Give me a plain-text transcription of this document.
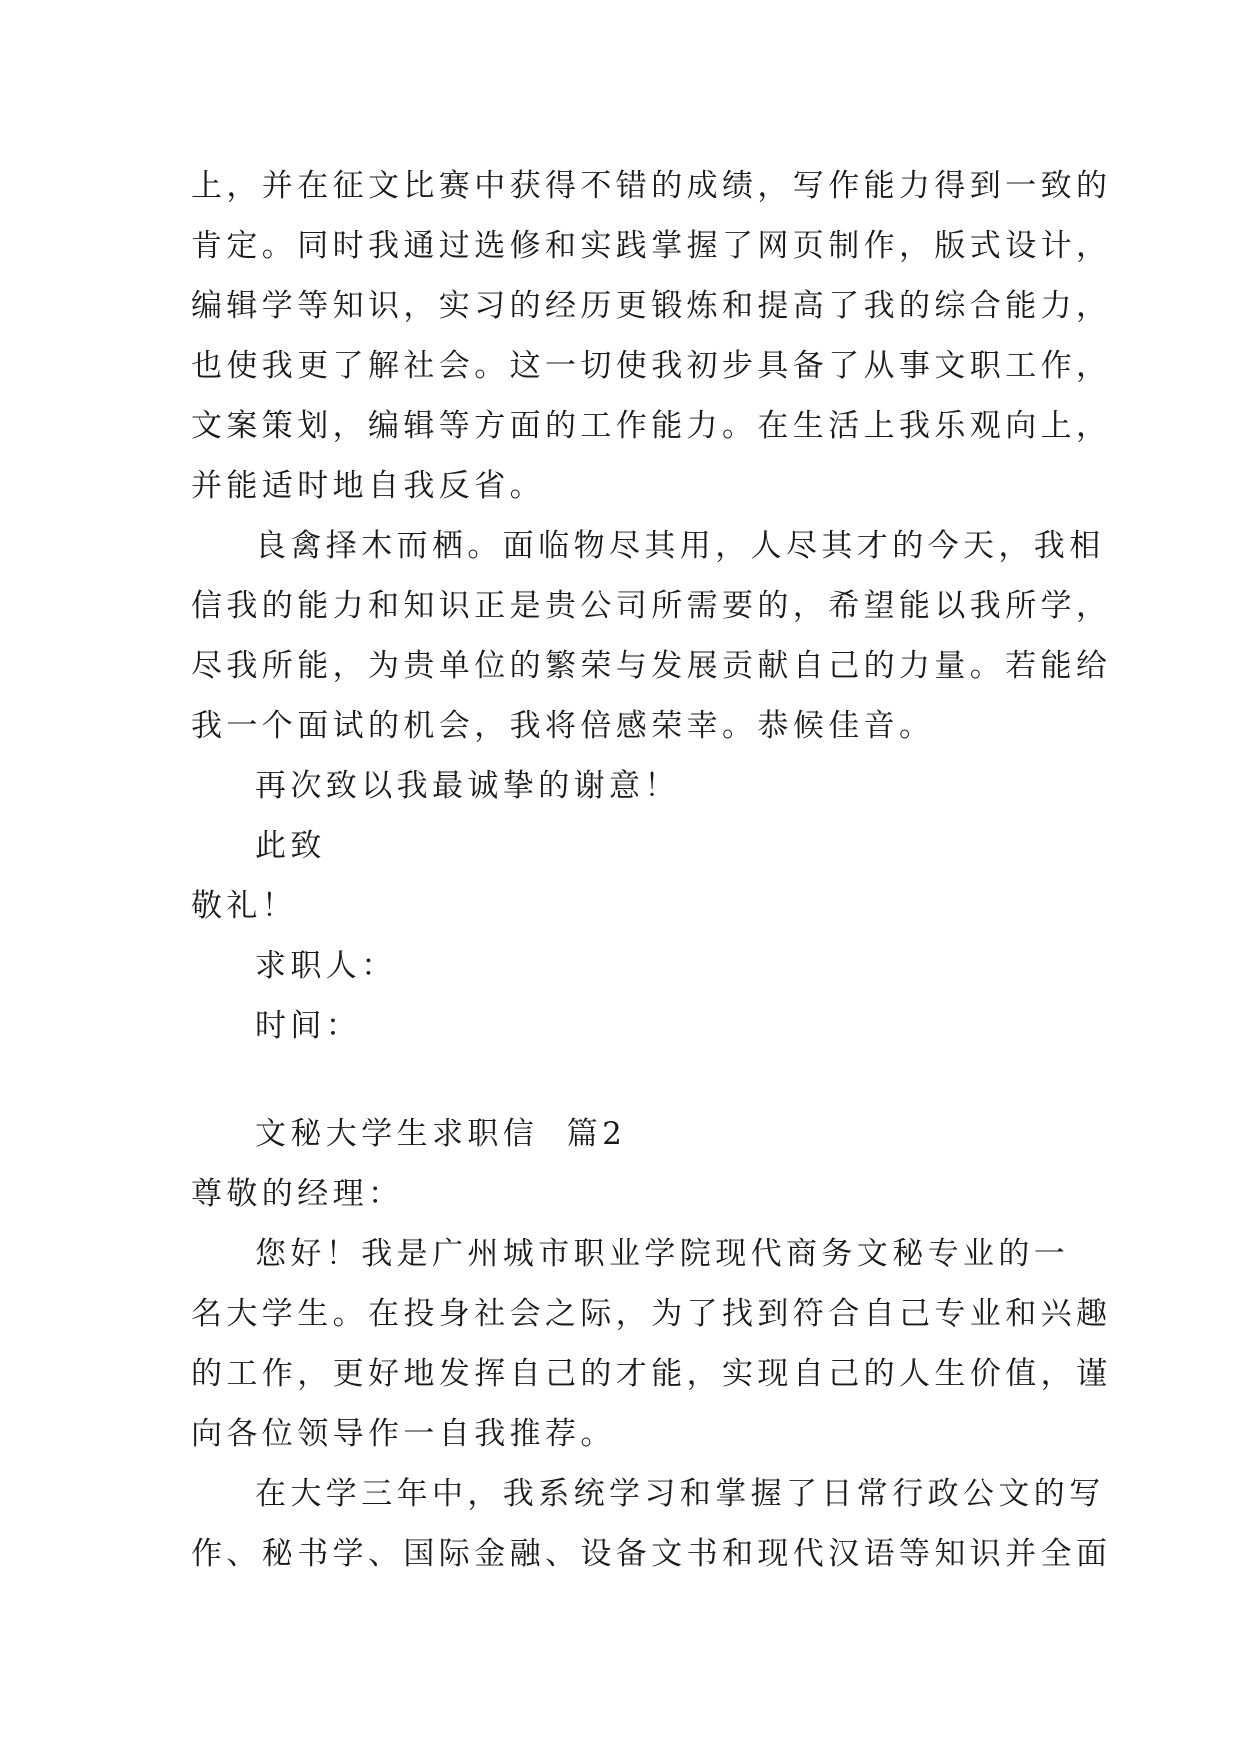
上，并在征文比赛中获得不错的成绩，写作能力得到一致的
肯定。同时我通过选修和实践掌握了网页制作，版式设计，
编辑学等知识，实习的经历更锻炼和提高了我的综合能力，
也使我更了解社会。这一切使我初步具备了从事文职工作，
文案策划，编辑等方面的工作能力。在生活上我乐观向上，
并能适时地自我反省。
良禽择木而栖。面临物尽其用，人尽其才的今天，我相
信我的能力和知识正是贵公司所需要的，希望能以我所学，
尽我所能，为贵单位的繁荣与发展贡献自己的力量。若能给
我一个面试的机会，我将倍感荣幸。恭候佳音。
再次致以我最诚挚的谢意！
此致
敬礼！
求职人：
时间：
文秘大学生求职信  篇2
尊敬的经理：
您好！我是广州城市职业学院现代商务文秘专业的一
名大学生。在投身社会之际，为了找到符合自己专业和兴趣
的工作，更好地发挥自己的才能，实现自己的人生价值，谨
向各位领导作一自我推荐。
在大学三年中，我系统学习和掌握了日常行政公文的写
作、秘书学、国际金融、设备文书和现代汉语等知识并全面
